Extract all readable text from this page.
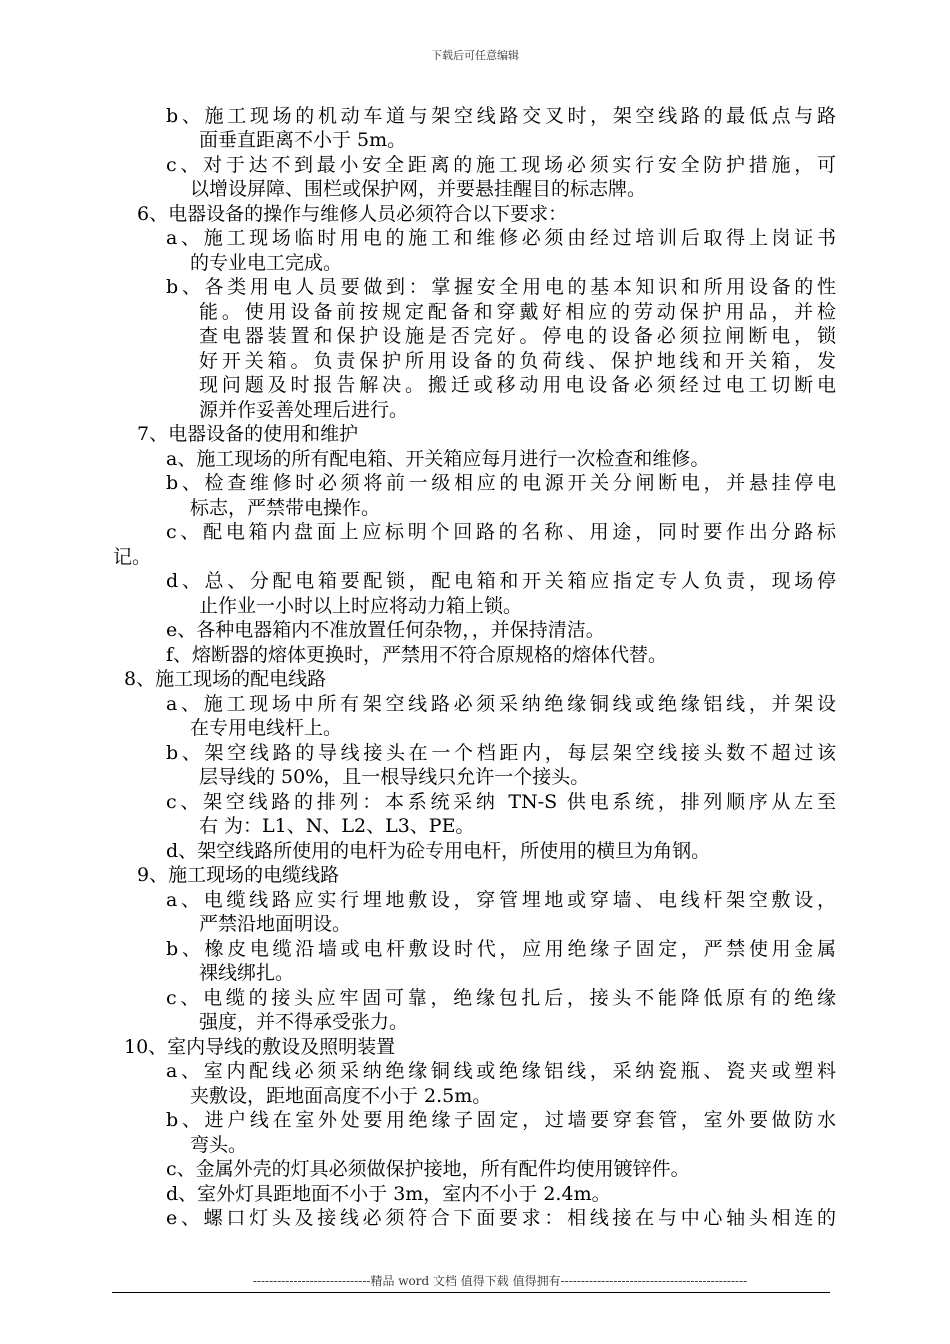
下载后可任意编辑
b、施工现场的机动车道与架空线路交叉时，架空线路的最低点与路
面垂直距离不小于 5m。
c、对于达不到最小安全距离的施工现场必须实行安全防护措施，可
以增设屏障、围栏或保护网，并要悬挂醒目的标志牌。
6、电器设备的操作与维修人员必须符合以下要求：
a、施工现场临时用电的施工和维修必须由经过培训后取得上岗证书
的专业电工完成。
b、各类用电人员要做到：掌握安全用电的基本知识和所用设备的性
能。使用设备前按规定配备和穿戴好相应的劳动保护用品，并检
查电器装置和保护设施是否完好。停电的设备必须拉闸断电，锁
好开关箱。负责保护所用设备的负荷线、保护地线和开关箱，发
现问题及时报告解决。搬迁或移动用电设备必须经过电工切断电
源并作妥善处理后进行。
7、电器设备的使用和维护
a、施工现场的所有配电箱、开关箱应每月进行一次检查和维修。
b、检查维修时必须将前一级相应的电源开关分闸断电，并悬挂停电
标志，严禁带电操作。
c、配电箱内盘面上应标明个回路的名称、用途，同时要作出分路标
记。
d、总、分配电箱要配锁，配电箱和开关箱应指定专人负责，现场停
止作业一小时以上时应将动力箱上锁。
e、各种电器箱内不准放置任何杂物，，并保持清洁。
f、熔断器的熔体更换时，严禁用不符合原规格的熔体代替。
8、施工现场的配电线路
a、施工现场中所有架空线路必须采纳绝缘铜线或绝缘铝线，并架设
在专用电线杆上。
b、架空线路的导线接头在一个档距内，每层架空线接头数不超过该
层导线的 50%，且一根导线只允许一个接头。
c、架空线路的排列：本系统采纳 TN-S 供电系统，排列顺序从左至
右 为：L1、N、L2、L3、PE。
d、架空线路所使用的电杆为砼专用电杆，所使用的横旦为角钢。
9、施工现场的电缆线路
a、电缆线路应实行埋地敷设，穿管埋地或穿墙、电线杆架空敷设，
严禁沿地面明设。
b、橡皮电缆沿墙或电杆敷设时代，应用绝缘子固定，严禁使用金属
裸线绑扎。
c、电缆的接头应牢固可靠，绝缘包扎后，接头不能降低原有的绝缘
强度，并不得承受张力。
10、室内导线的敷设及照明装置
a、室内配线必须采纳绝缘铜线或绝缘铝线，采纳瓷瓶、瓷夹或塑料
夹敷设，距地面高度不小于 2.5m。
b、进户线在室外处要用绝缘子固定，过墙要穿套管，室外要做防水
弯头。
c、金属外壳的灯具必须做保护接地，所有配件均使用镀锌件。
d、室外灯具距地面不小于 3m，室内不小于 2.4m。
e、螺口灯头及接线必须符合下面要求：相线接在与中心轴头相连的
-----------------------------精品 word 文档 值得下载 值得拥有----------------------------------------------
